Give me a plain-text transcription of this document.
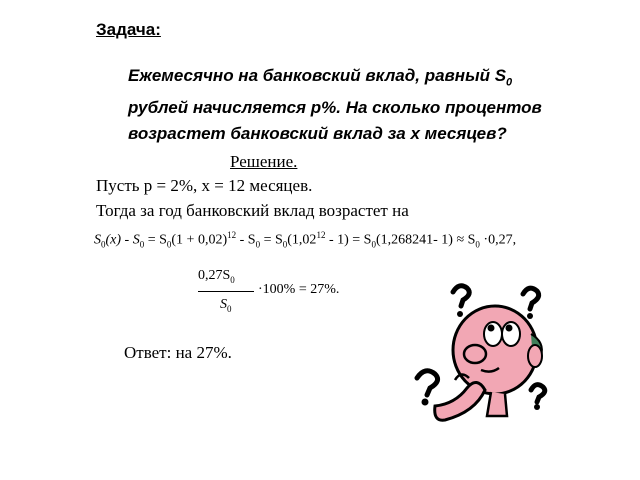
Задача:
Ежемесячно на банковский вклад, равный $S_0$
рублей начисляется p%. На сколько процентов
возрастет банковский вклад за x месяцев?
Решение.
Пусть p = 2%, x = 12 месяцев.
Тогда за год банковский вклад возрастет на
$S_0(x) - S_0 = S_0(1 + 0,02)^{12} - S_0 = S_0(1,02^{12} - 1) = S_0(1,268241-$ $1) \approx S_0 \cdot 0,27$,
$0,27S_0$
$S_0$
·100% = 27%.
Ответ: на 27%.
